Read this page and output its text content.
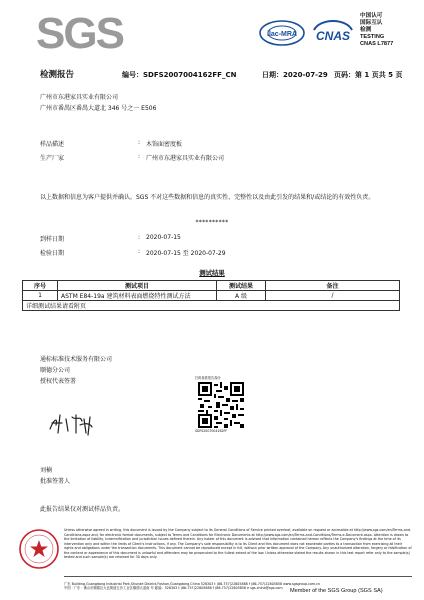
SGS	ilac-MRA CNAS
中国认可
国际互认
检测
TESTING
CNAS L7877
检测报告	编号：SDFS2007004162FF_CN	日期：2020-07-29 页码：第 1 页共 5 页
广州市东港家具实业有限公司
广州市番禺区番禺大道北 346 号之一 E506
样品描述	: 木饰面密度板
生产厂家	: 广州市东港家具实业有限公司
以上数据和信息为客户提供并确认。SGS 不对这些数据和信息的真实性、完整性以及由此引发的结果和/或结论的有效性负责。
**********
到样日期	: 2020-07-15
检验日期	: 2020-07-15 至 2020-07-29
测试结果
序号	测试项目	测试结果	备注
1	ASTM E84-19a 建筑材料表面燃烧特性测试方法	A 级	/
详细测试结果请看附页			
通标标准技术服务有限公司
顺德分公司
授权代表签署	扫码查看报告真伪
SDFS2007004162FF
刘楠
批准签署人
此报告结果仅对测试样品负责。
Unless otherwise agreed in writing, this document is issued by the Company subject to its General Conditions of Service printed overleaf, available on request or accessible at http://www.sgs.com/en/Terms-and-Conditions.aspx and, for electronic format documents, subject to Terms and Conditions for Electronic Documents at http://www.sgs.com/en/Terms-and-Conditions/Terms-e-Document.aspx. Attention is drawn to the limitation of liability, indemnification and jurisdiction issues defined therein. Any holder of this document is advised that information contained hereon reflects the Company's findings at the time of its intervention only and within the limits of Client's instructions, if any. The Company's sole responsibility is to its Client and this document does not exonerate parties to a transaction from exercising all their rights and obligations under the transaction documents. This document cannot be reproduced except in full, without prior written approval of the Company. Any unauthorized alteration, forgery or falsification of the content or appearance of this document is unlawful and offenders may be prosecuted to the fullest extent of the law. Unless otherwise stated the results shown in this test report refer only to the sample(s) tested and such sample(s) are retained for 30 days only.
广东 Building,Guangdong Industrial Park,Shunde District,Foshan,Guangdong,China 528303 t (86-757)22805888 f (86-757)22805858 www.sgsgroup.com.cn
中国 · 广东 · 佛山市顺德区大良街道五沙工业区顺德大道南 号 邮编：528303 t (86-757)22805888 f (86-757)22805858 e sgs.china@sgs.com	Member of the SGS Group (SGS SA)
